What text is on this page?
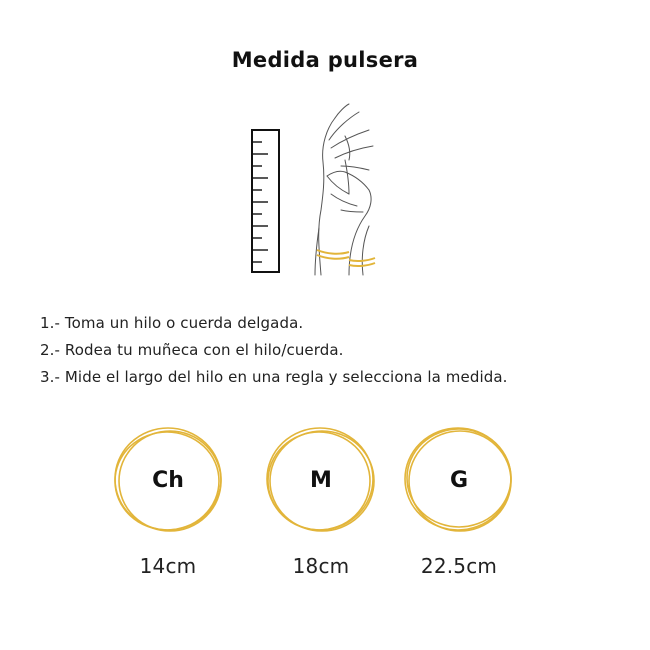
Medida pulsera
1.- Toma un hilo o cuerda delgada.
2.- Rodea tu muñeca con el hilo/cuerda.
3.- Mide el largo del hilo en una regla y selecciona la medida.
Ch
14cm
M
18cm
G
22.5cm
